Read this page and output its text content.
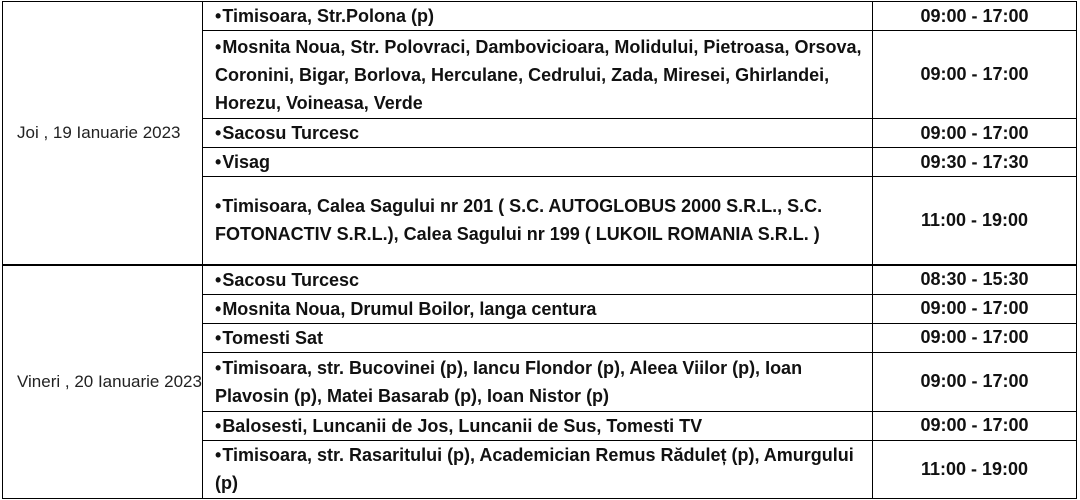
Joi , 19 Ianuarie 2023	•Timisoara, Str.Polona (p)	09:00 - 17:00
	•Mosnita Noua, Str. Polovraci, Dambovicioara, Molidului, Pietroasa, Orsova, Coronini, Bigar, Borlova, Herculane, Cedrului, Zada, Miresei, Ghirlandei, Horezu, Voineasa, Verde	09:00 - 17:00
	•Sacosu Turcesc	09:00 - 17:00
	•Visag	09:30 - 17:30
	•Timisoara, Calea Sagului nr 201 ( S.C. AUTOGLOBUS 2000 S.R.L., S.C. FOTONACTIV S.R.L.), Calea Sagului nr 199 ( LUKOIL ROMANIA S.R.L. )	11:00 - 19:00
Vineri , 20 Ianuarie 2023	•Sacosu Turcesc	08:30 - 15:30
	•Mosnita Noua, Drumul Boilor, langa centura	09:00 - 17:00
	•Tomesti Sat	09:00 - 17:00
	•Timisoara, str. Bucovinei (p), Iancu Flondor (p), Aleea Viilor (p), Ioan Plavosin (p), Matei Basarab (p), Ioan Nistor (p)	09:00 - 17:00
	•Balosesti, Luncanii de Jos, Luncanii de Sus, Tomesti TV	09:00 - 17:00
	•Timisoara, str. Rasaritului (p), Academician Remus Răduleț (p), Amurgului (p)	11:00 - 19:00
